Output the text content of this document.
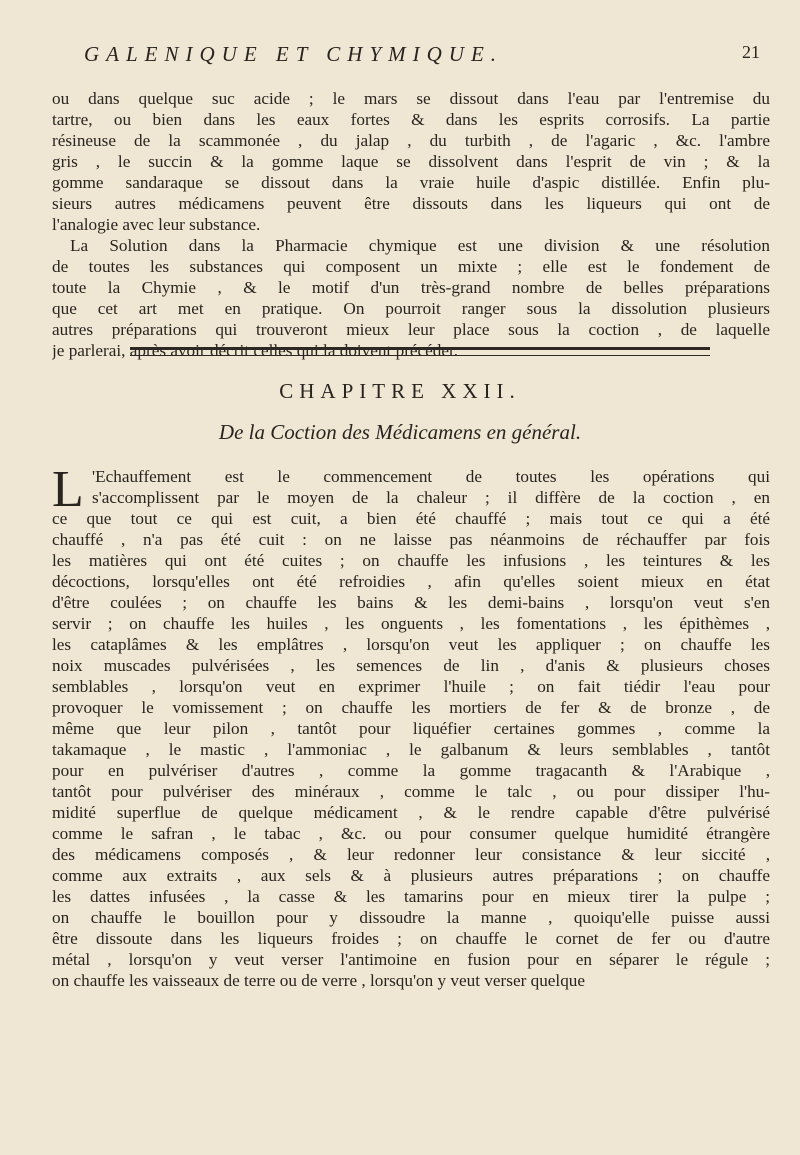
GALENIQUE ET CHYMIQUE.	21
ou dans quelque suc acide ; le mars se dissout dans l'eau par l'entremise du
tartre, ou bien dans les eaux fortes & dans les esprits corrosifs. La partie
résineuse de la scammonée , du jalap , du turbith , de l'agaric , &c. l'ambre
gris , le succin & la gomme laque se dissolvent dans l'esprit de vin ; & la
gomme sandaraque se dissout dans la vraie huile d'aspic distillée. Enfin plu-
sieurs autres médicamens peuvent être dissouts dans les liqueurs qui ont de
l'analogie avec leur substance.
La Solution dans la Pharmacie chymique est une division & une résolution
de toutes les substances qui composent un mixte ; elle est le fondement de
toute la Chymie , & le motif d'un très-grand nombre de belles préparations
que cet art met en pratique. On pourroit ranger sous la dissolution plusieurs
autres préparations qui trouveront mieux leur place sous la coction , de laquelle
je parlerai, après avoir décrit celles qui la doivent précéder.
CHAPITRE XXII.
De la Coction des Médicamens en général.
L 'Echauffement est le commencement de toutes les opérations qui
s'accomplissent par le moyen de la chaleur ; il diffère de la coction , en
ce que tout ce qui est cuit, a bien été chauffé ; mais tout ce qui a été
chauffé , n'a pas été cuit : on ne laisse pas néanmoins de réchauffer par fois
les matières qui ont été cuites ; on chauffe les infusions , les teintures & les
décoctions, lorsqu'elles ont été refroidies , afin qu'elles soient mieux en état
d'être coulées ; on chauffe les bains & les demi-bains , lorsqu'on veut s'en
servir ; on chauffe les huiles , les onguents , les fomentations , les épithèmes ,
les cataplâmes & les emplâtres , lorsqu'on veut les appliquer ; on chauffe les
noix muscades pulvérisées , les semences de lin , d'anis & plusieurs choses
semblables , lorsqu'on veut en exprimer l'huile ; on fait tiédir l'eau pour
provoquer le vomissement ; on chauffe les mortiers de fer & de bronze , de
même que leur pilon , tantôt pour liquéfier certaines gommes , comme la
takamaque , le mastic , l'ammoniac , le galbanum & leurs semblables , tantôt
pour en pulvériser d'autres , comme la gomme tragacanth & l'Arabique ,
tantôt pour pulvériser des minéraux , comme le talc , ou pour dissiper l'hu-
midité superflue de quelque médicament , & le rendre capable d'être pulvérisé
comme le safran , le tabac , &c. ou pour consumer quelque humidité étrangère
des médicamens composés , & leur redonner leur consistance & leur siccité ,
comme aux extraits , aux sels & à plusieurs autres préparations ; on chauffe
les dattes infusées , la casse & les tamarins pour en mieux tirer la pulpe ;
on chauffe le bouillon pour y dissoudre la manne , quoiqu'elle puisse aussi
être dissoute dans les liqueurs froides ; on chauffe le cornet de fer ou d'autre
métal , lorsqu'on y veut verser l'antimoine en fusion pour en séparer le régule ;
on chauffe les vaisseaux de terre ou de verre , lorsqu'on y veut verser quelque
